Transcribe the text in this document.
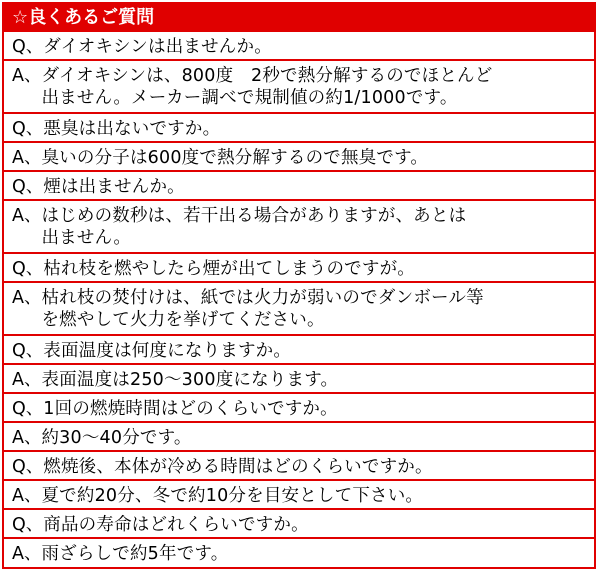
☆良くあるご質問
Q、 ダイオキシンは出ませんか。
A、 ダイオキシンは、800度　2秒で熱分解するのでほとんど
出ません。メーカー調べで規制値の約1/1000です。
Q、 悪臭は出ないですか。
A、 臭いの分子は600度で熱分解するので無臭です。
Q、 煙は出ませんか。
A、 はじめの数秒は、若干出る場合がありますが、あとは
出ません。
Q、 枯れ枝を燃やしたら煙が出てしまうのですが。
A、 枯れ枝の焚付けは、紙では火力が弱いのでダンボール等
を燃やして火力を挙げてください。
Q、 表面温度は何度になりますか。
A、 表面温度は250～300度になります。
Q、 1回の燃焼時間はどのくらいですか。
A、 約30～40分です。
Q、 燃焼後、本体が冷める時間はどのくらいですか。
A、 夏で約20分、冬で約10分を目安として下さい。
Q、 商品の寿命はどれくらいですか。
A、 雨ざらしで約5年です。
